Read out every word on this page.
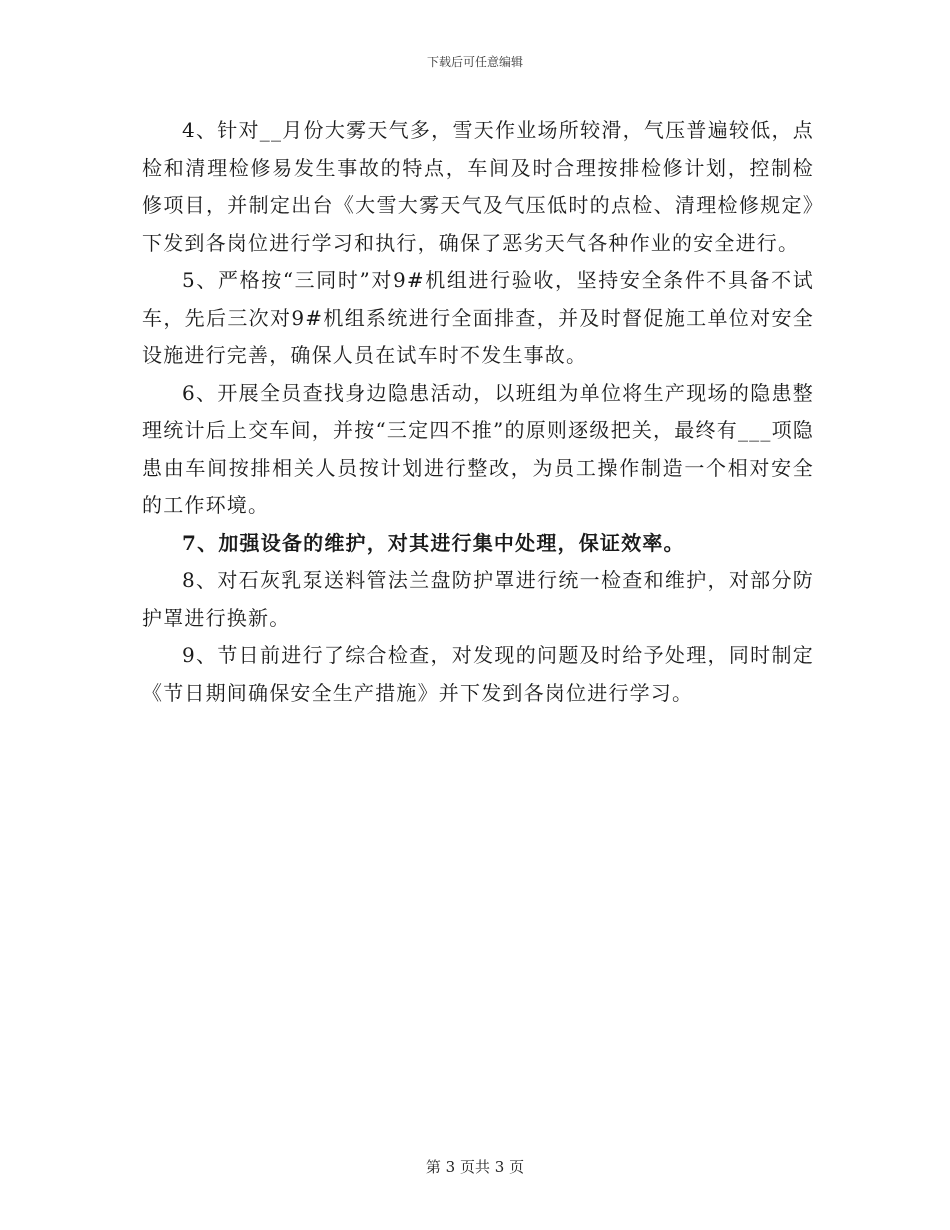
下载后可任意编辑

4、针对__月份大雾天气多，雪天作业场所较滑，气压普遍较低，点检和清理检修易发生事故的特点，车间及时合理按排检修计划，控制检修项目，并制定出台《大雪大雾天气及气压低时的点检、清理检修规定》下发到各岗位进行学习和执行，确保了恶劣天气各种作业的安全进行。

5、严格按“三同时”对9#机组进行验收，坚持安全条件不具备不试车，先后三次对9#机组系统进行全面排查，并及时督促施工单位对安全设施进行完善，确保人员在试车时不发生事故。

6、开展全员查找身边隐患活动，以班组为单位将生产现场的隐患整理统计后上交车间，并按“三定四不推”的原则逐级把关，最终有___项隐患由车间按排相关人员按计划进行整改，为员工操作制造一个相对安全的工作环境。

7、加强设备的维护，对其进行集中处理，保证效率。

8、对石灰乳泵送料管法兰盘防护罩进行统一检查和维护，对部分防护罩进行换新。

9、节日前进行了综合检查，对发现的问题及时给予处理，同时制定《节日期间确保安全生产措施》并下发到各岗位进行学习。

第 3 页共 3 页
